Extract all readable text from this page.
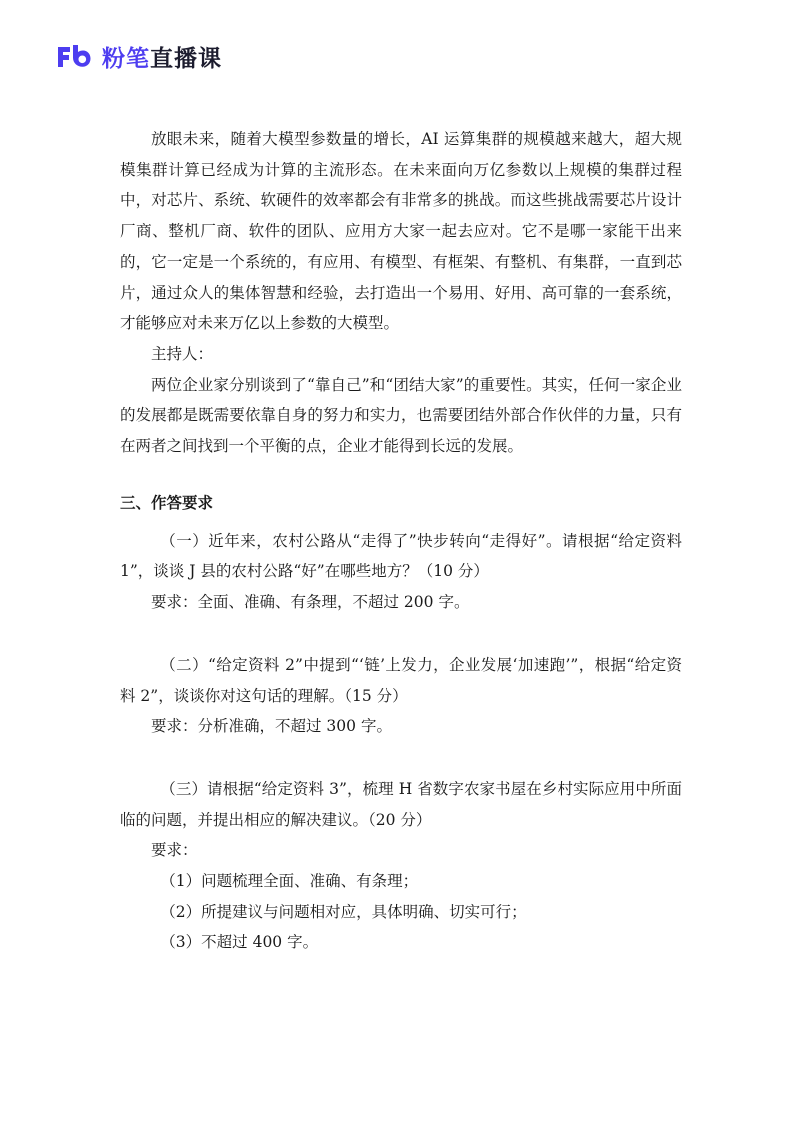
粉笔直播课

放眼未来，随着大模型参数量的增长，AI 运算集群的规模越来越大，超大规模集群计算已经成为计算的主流形态。在未来面向万亿参数以上规模的集群过程中，对芯片、系统、软硬件的效率都会有非常多的挑战。而这些挑战需要芯片设计厂商、整机厂商、软件的团队、应用方大家一起去应对。它不是哪一家能干出来的，它一定是一个系统的，有应用、有模型、有框架、有整机、有集群，一直到芯片，通过众人的集体智慧和经验，去打造出一个易用、好用、高可靠的一套系统，才能够应对未来万亿以上参数的大模型。

主持人：

两位企业家分别谈到了“靠自己”和“团结大家”的重要性。其实，任何一家企业的发展都是既需要依靠自身的努力和实力，也需要团结外部合作伙伴的力量，只有在两者之间找到一个平衡的点，企业才能得到长远的发展。

三、作答要求

（一）近年来，农村公路从“走得了”快步转向“走得好”。请根据“给定资料 1”，谈谈 J 县的农村公路“好”在哪些地方？（10 分）

要求：全面、准确、有条理，不超过 200 字。

（二）“给定资料 2”中提到“‘链’上发力，企业发展‘加速跑’”，根据“给定资料 2”，谈谈你对这句话的理解。（15 分）

要求：分析准确，不超过 300 字。

（三）请根据“给定资料 3”，梳理 H 省数字农家书屋在乡村实际应用中所面临的问题，并提出相应的解决建议。（20 分）

要求：

（1）问题梳理全面、准确、有条理；

（2）所提建议与问题相对应，具体明确、切实可行；

（3）不超过 400 字。
